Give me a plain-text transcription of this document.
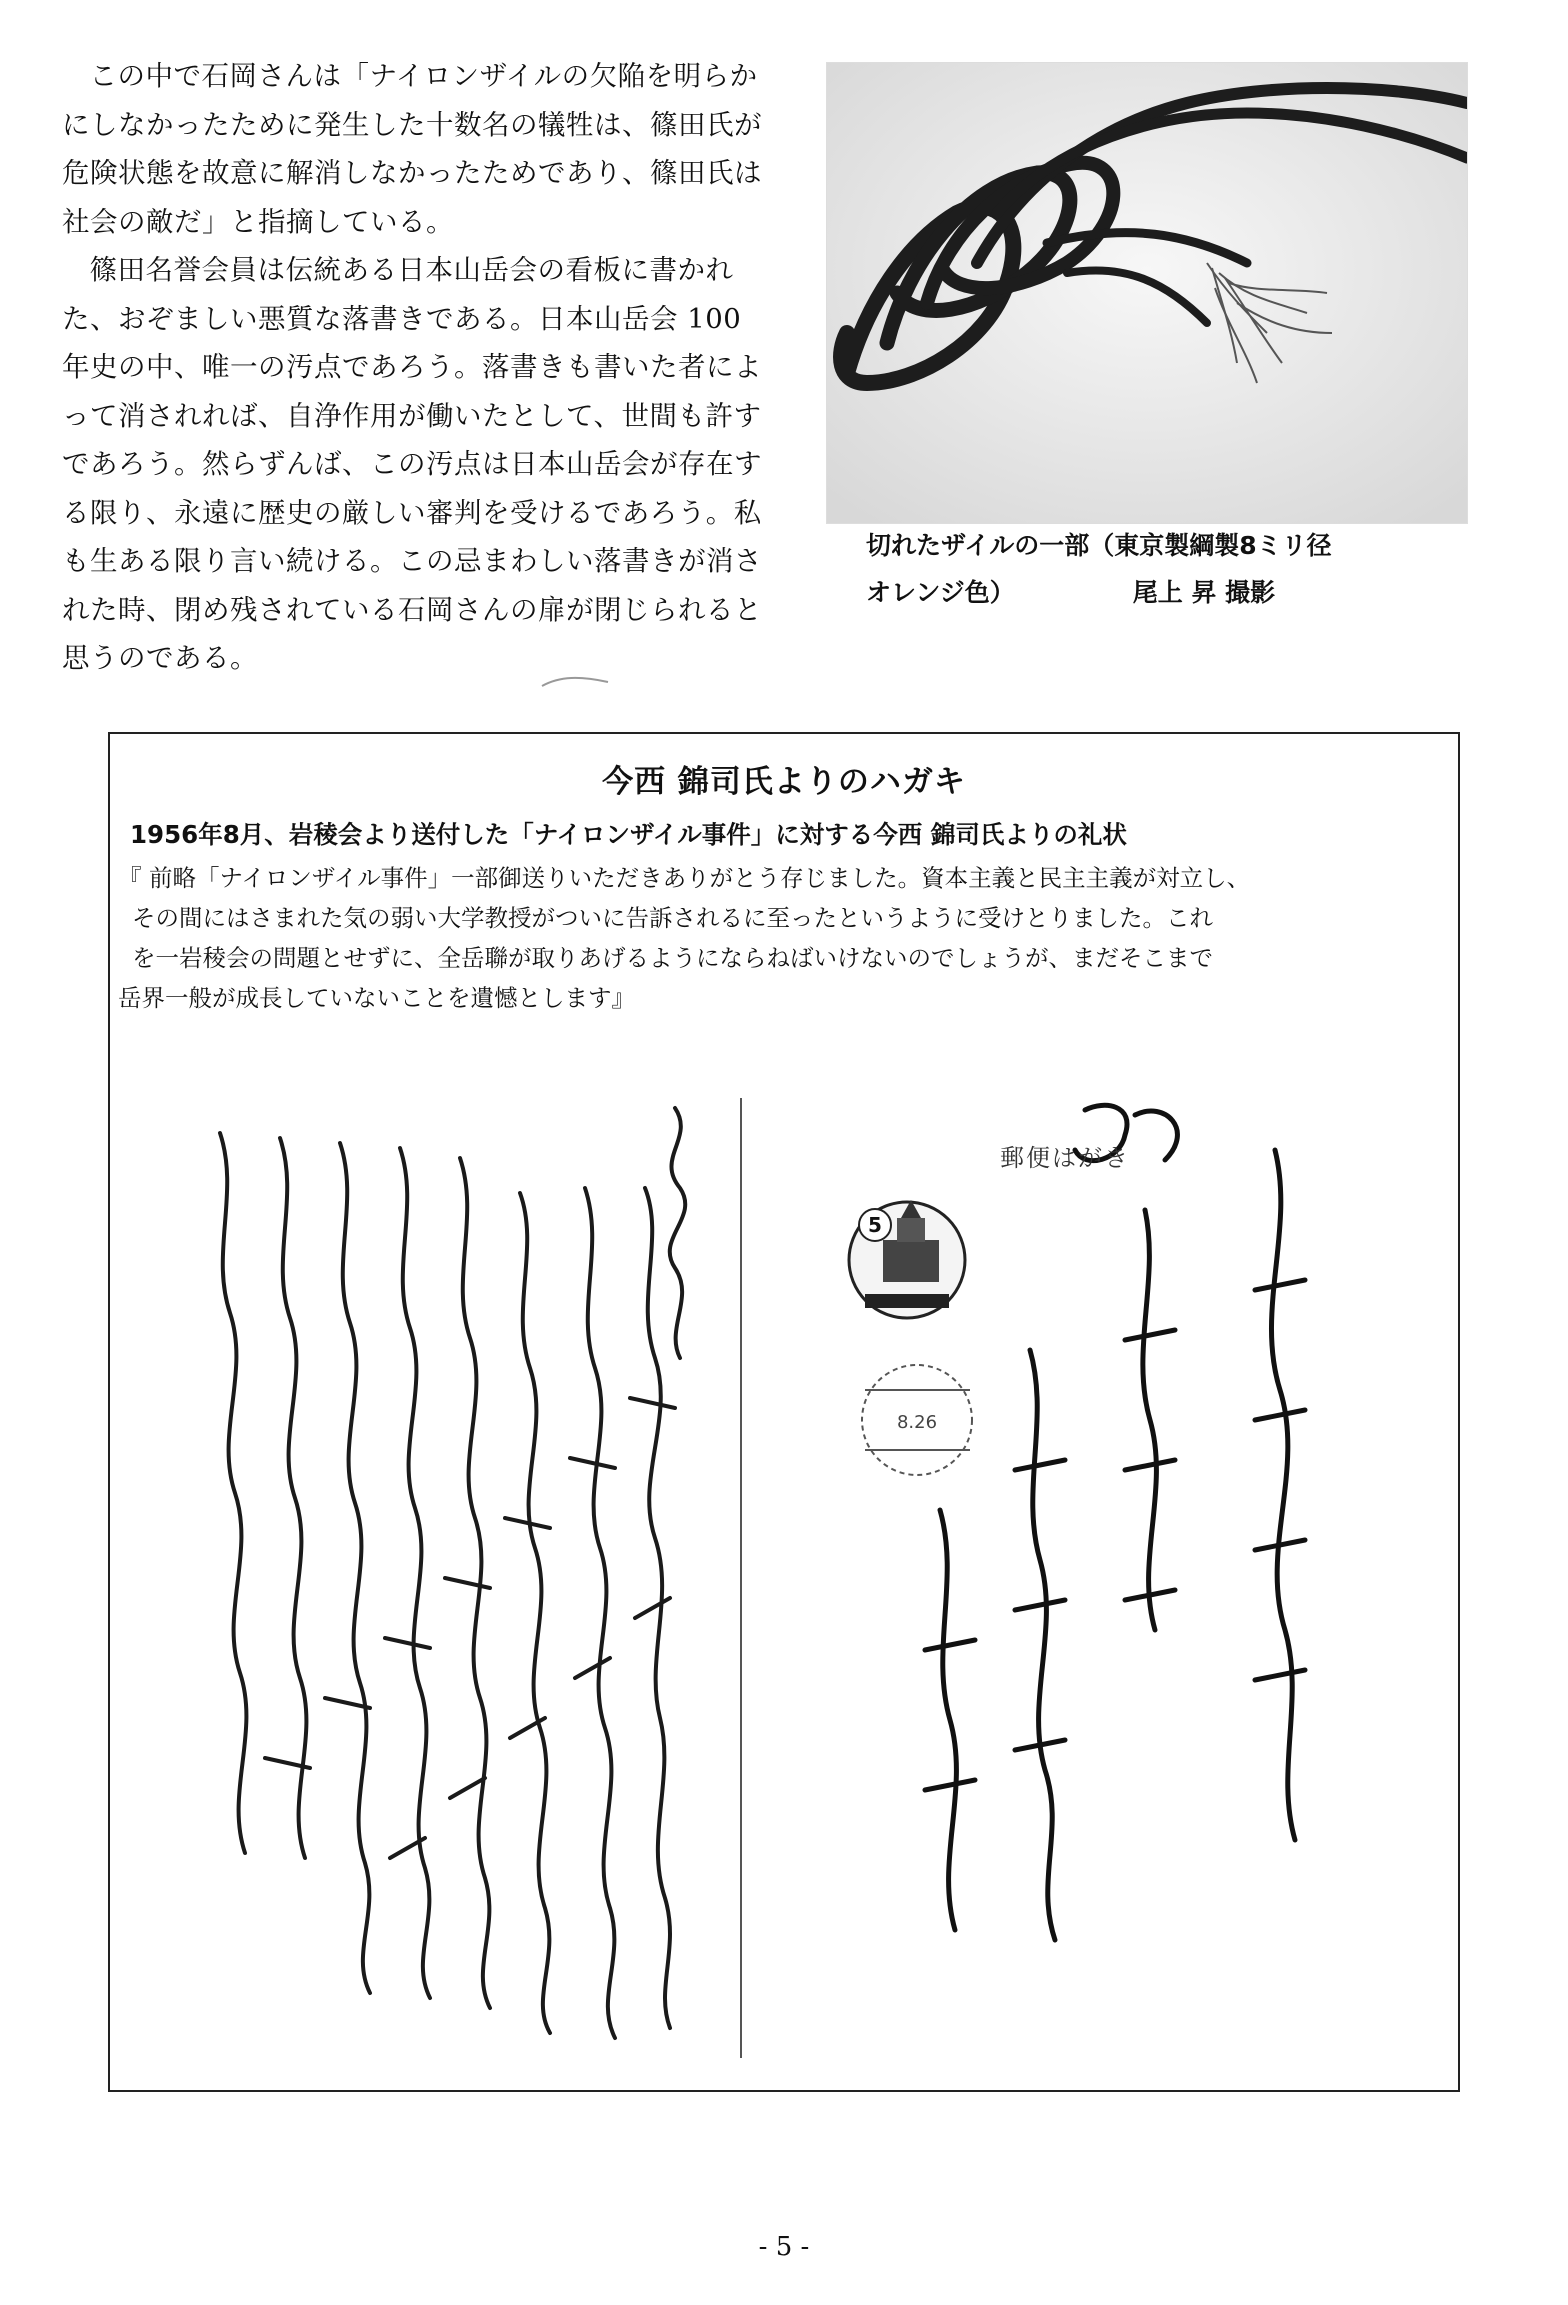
この中で石岡さんは「ナイロンザイルの欠陥を明らかにしなかったために発生した十数名の犠牲は、篠田氏が危険状態を故意に解消しなかったためであり、篠田氏は社会の敵だ」と指摘している。

篠田名誉会員は伝統ある日本山岳会の看板に書かれた、おぞましい悪質な落書きである。日本山岳会 100 年史の中、唯一の汚点であろう。落書きも書いた者によって消されれば、自浄作用が働いたとして、世間も許すであろう。然らずんば、この汚点は日本山岳会が存在する限り、永遠に歴史の厳しい審判を受けるであろう。私も生ある限り言い続ける。この忌まわしい落書きが消された時、閉め残されている石岡さんの扉が閉じられると思うのである。

切れたザイルの一部（東京製綱製8ミリ径
オレンジ色）	尾上 昇 撮影
今西 錦司氏よりのハガキ
1956年8月、岩稜会より送付した「ナイロンザイル事件」に対する今西 錦司氏よりの礼状
『 前略「ナイロンザイル事件」一部御送りいただきありがとう存じました。資本主義と民主主義が対立し、
その間にはさまれた気の弱い大学教授がついに告訴されるに至ったというように受けとりました。これ
を一岩稜会の問題とせずに、全岳聯が取りあげるようにならねばいけないのでしょうが、まだそこまで
岳界一般が成長していないことを遺憾とします』
5
8.26
郵便はがき
- 5 -
